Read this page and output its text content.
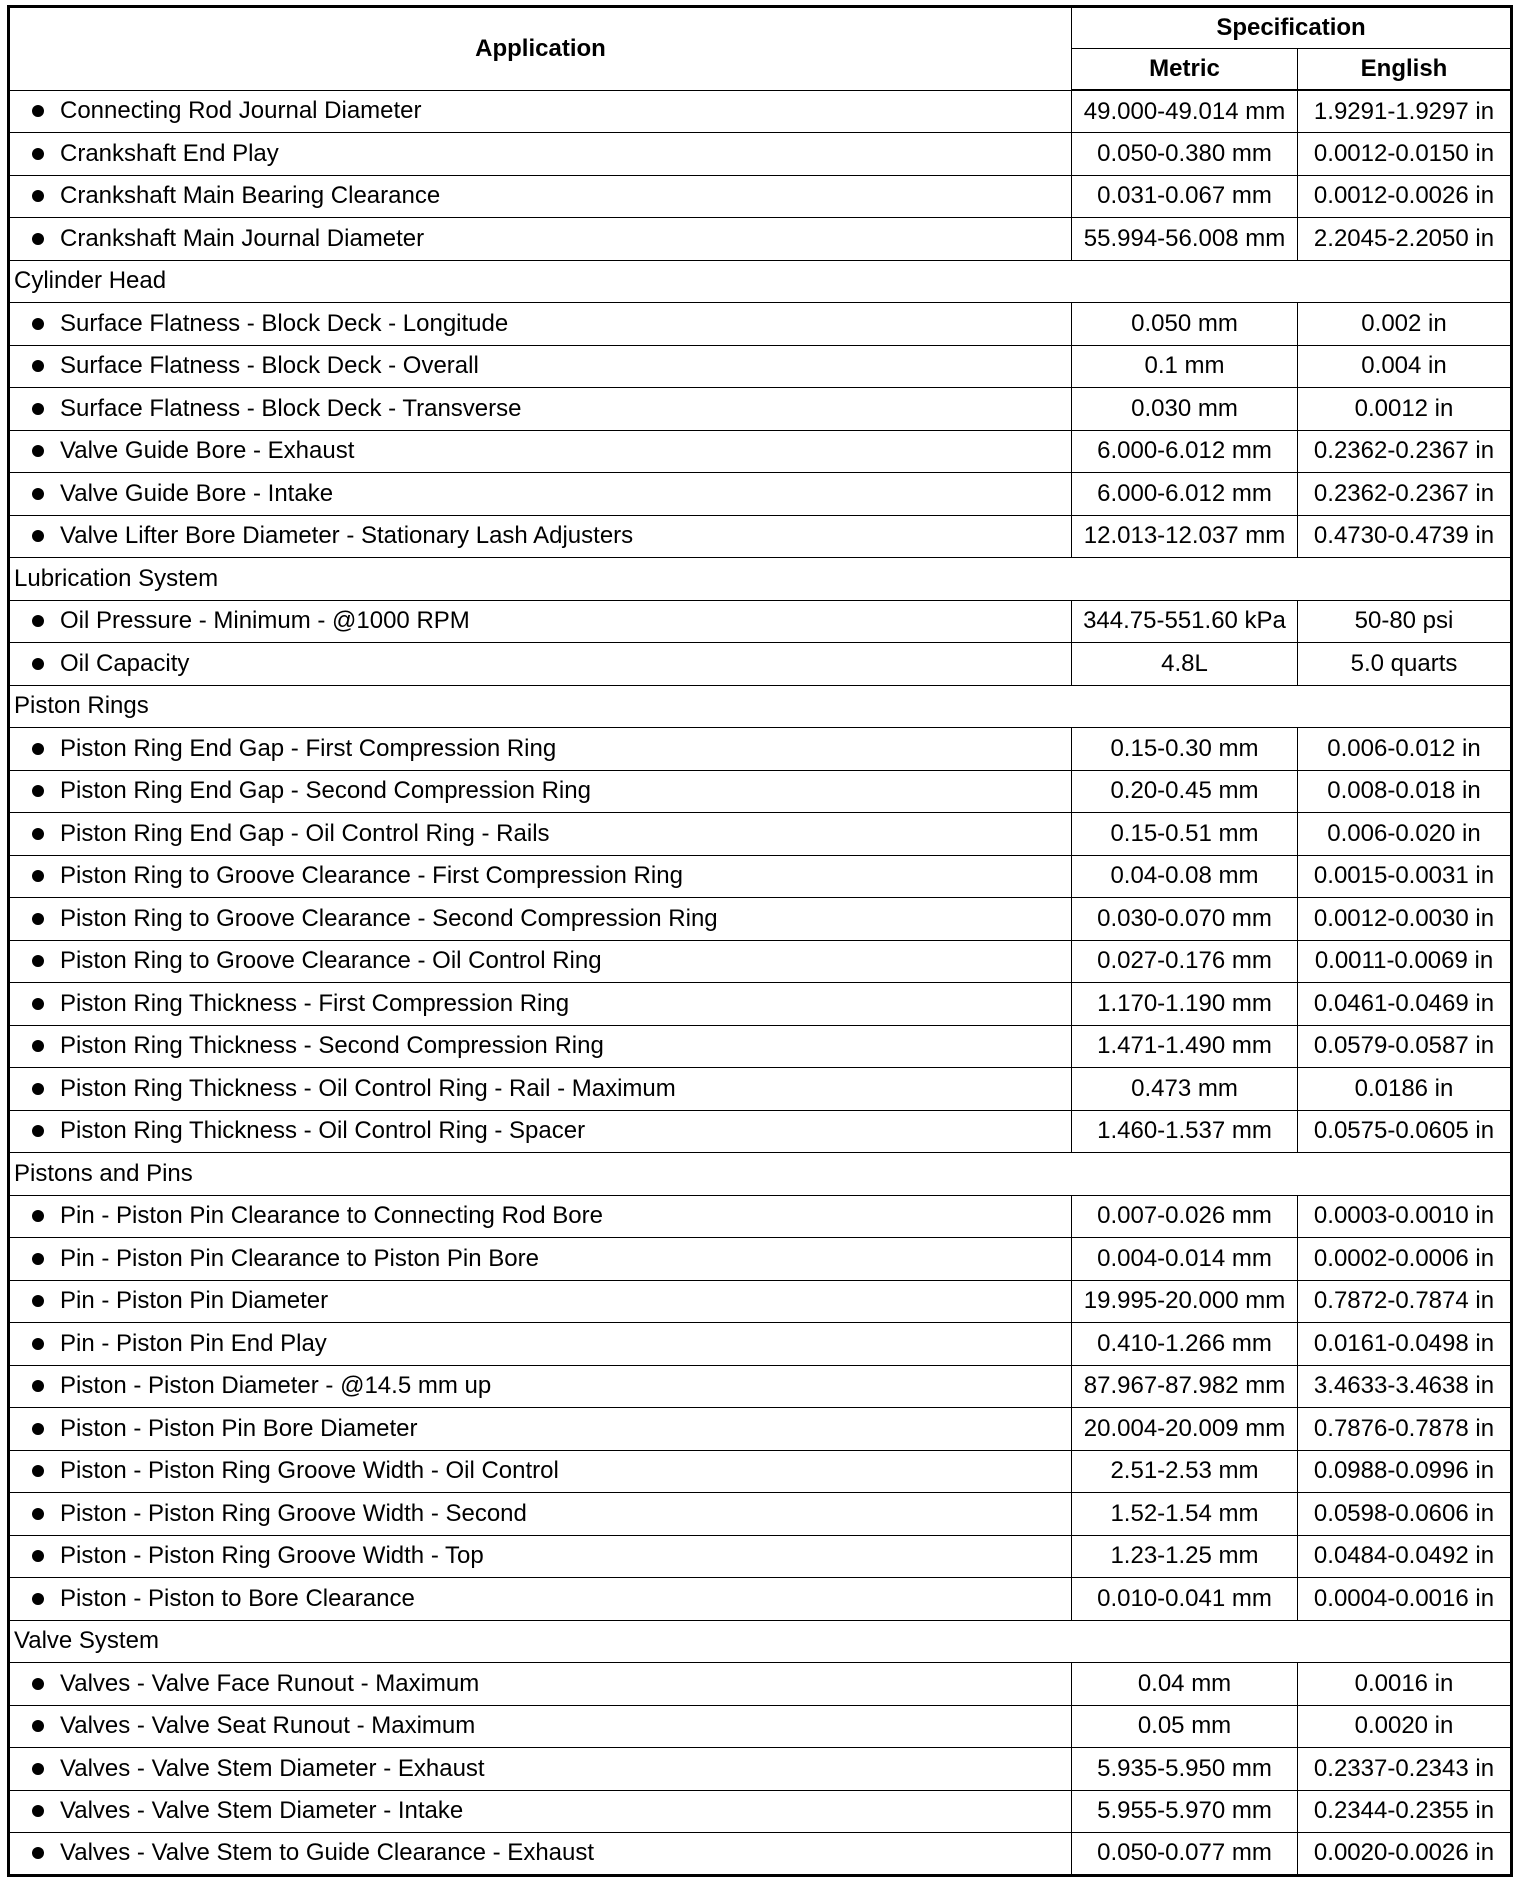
Application	Specification	
	Metric	English

Connecting Rod Journal Diameter	49.000-49.014 mm	1.9291-1.9297 in

Crankshaft End Play	0.050-0.380 mm	0.0012-0.0150 in

Crankshaft Main Bearing Clearance	0.031-0.067 mm	0.0012-0.0026 in

Crankshaft Main Journal Diameter	55.994-56.008 mm	2.2045-2.2050 in
Cylinder Head		

Surface Flatness - Block Deck - Longitude	0.050 mm	0.002 in

Surface Flatness - Block Deck - Overall	0.1 mm	0.004 in

Surface Flatness - Block Deck - Transverse	0.030 mm	0.0012 in

Valve Guide Bore - Exhaust	6.000-6.012 mm	0.2362-0.2367 in

Valve Guide Bore - Intake	6.000-6.012 mm	0.2362-0.2367 in

Valve Lifter Bore Diameter - Stationary Lash Adjusters	12.013-12.037 mm	0.4730-0.4739 in
Lubrication System		

Oil Pressure - Minimum - @1000 RPM	344.75-551.60 kPa	50-80 psi

Oil Capacity	4.8L	5.0 quarts
Piston Rings		

Piston Ring End Gap - First Compression Ring	0.15-0.30 mm	0.006-0.012 in

Piston Ring End Gap - Second Compression Ring	0.20-0.45 mm	0.008-0.018 in

Piston Ring End Gap - Oil Control Ring - Rails	0.15-0.51 mm	0.006-0.020 in

Piston Ring to Groove Clearance - First Compression Ring	0.04-0.08 mm	0.0015-0.0031 in

Piston Ring to Groove Clearance - Second Compression Ring	0.030-0.070 mm	0.0012-0.0030 in

Piston Ring to Groove Clearance - Oil Control Ring	0.027-0.176 mm	0.0011-0.0069 in

Piston Ring Thickness - First Compression Ring	1.170-1.190 mm	0.0461-0.0469 in

Piston Ring Thickness - Second Compression Ring	1.471-1.490 mm	0.0579-0.0587 in

Piston Ring Thickness - Oil Control Ring - Rail - Maximum	0.473 mm	0.0186 in

Piston Ring Thickness - Oil Control Ring - Spacer	1.460-1.537 mm	0.0575-0.0605 in
Pistons and Pins		

Pin - Piston Pin Clearance to Connecting Rod Bore	0.007-0.026 mm	0.0003-0.0010 in

Pin - Piston Pin Clearance to Piston Pin Bore	0.004-0.014 mm	0.0002-0.0006 in

Pin - Piston Pin Diameter	19.995-20.000 mm	0.7872-0.7874 in

Pin - Piston Pin End Play	0.410-1.266 mm	0.0161-0.0498 in

Piston - Piston Diameter - @14.5 mm up	87.967-87.982 mm	3.4633-3.4638 in

Piston - Piston Pin Bore Diameter	20.004-20.009 mm	0.7876-0.7878 in

Piston - Piston Ring Groove Width - Oil Control	2.51-2.53 mm	0.0988-0.0996 in

Piston - Piston Ring Groove Width - Second	1.52-1.54 mm	0.0598-0.0606 in

Piston - Piston Ring Groove Width - Top	1.23-1.25 mm	0.0484-0.0492 in

Piston - Piston to Bore Clearance	0.010-0.041 mm	0.0004-0.0016 in
Valve System		

Valves - Valve Face Runout - Maximum	0.04 mm	0.0016 in

Valves - Valve Seat Runout - Maximum	0.05 mm	0.0020 in

Valves - Valve Stem Diameter - Exhaust	5.935-5.950 mm	0.2337-0.2343 in

Valves - Valve Stem Diameter - Intake	5.955-5.970 mm	0.2344-0.2355 in

Valves - Valve Stem to Guide Clearance - Exhaust	0.050-0.077 mm	0.0020-0.0026 in
